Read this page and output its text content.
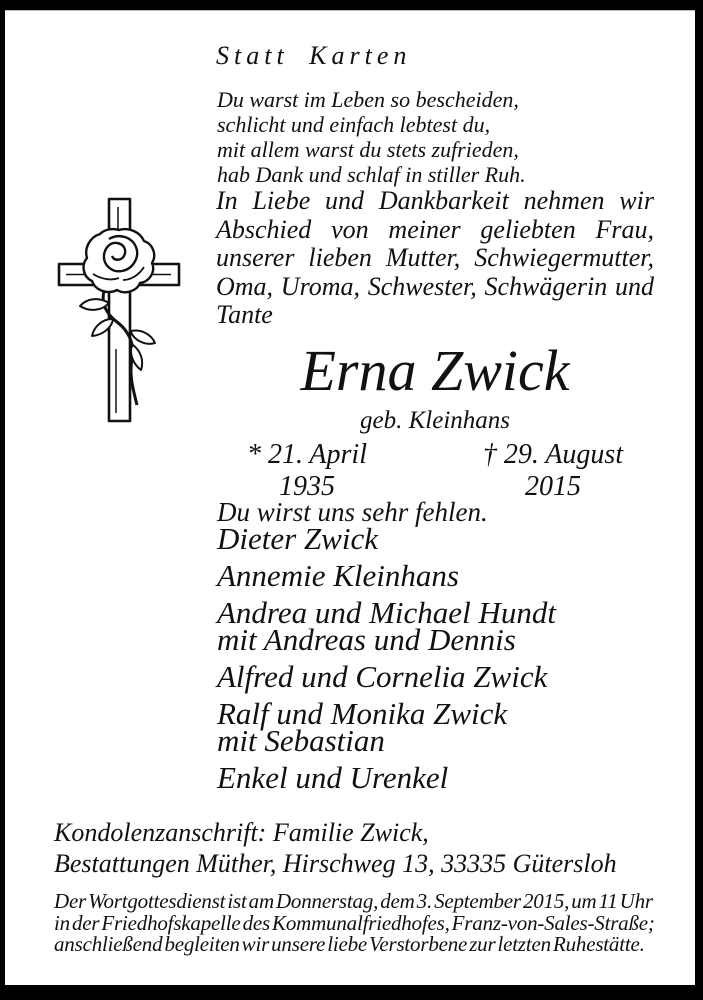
Statt Karten
Du warst im Leben so bescheiden,
schlicht und einfach lebtest du,
mit allem warst du stets zufrieden,
hab Dank und schlaf in stiller Ruh.
In Liebe und Dankbarkeit nehmen wir
Abschied von meiner geliebten Frau,
unserer lieben Mutter, Schwiegermutter,
Oma, Uroma, Schwester, Schwägerin und
Tante
Erna Zwick
geb. Kleinhans
* 21. April 1935
† 29. August 2015
Du wirst uns sehr fehlen.
Dieter Zwick
Annemie Kleinhans
Andrea und Michael Hundt
mit Andreas und Dennis
Alfred und Cornelia Zwick
Ralf und Monika Zwick
mit Sebastian
Enkel und Urenkel
Kondolenzanschrift: Familie Zwick,
Bestattungen Müther, Hirschweg 13, 33335 Gütersloh
Der Wortgottesdienst ist am Donnerstag, dem 3. September 2015, um 11 Uhr
in der Friedhofskapelle des Kommunalfriedhofes, Franz-von-Sales-Straße;
anschließend begleiten wir unsere liebe Verstorbene zur letzten Ruhestätte.
